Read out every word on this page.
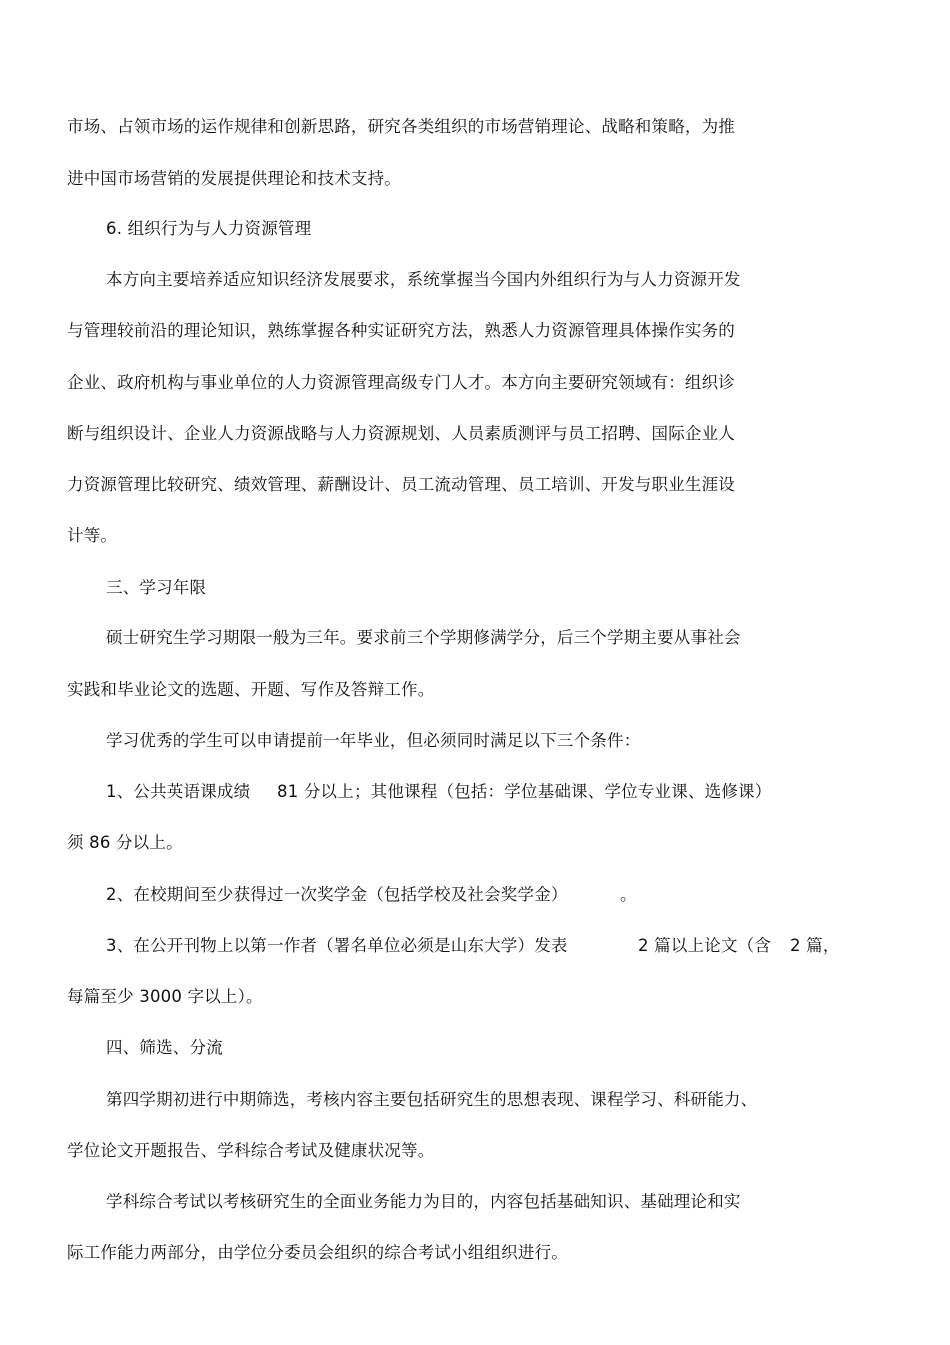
市场、占领市场的运作规律和创新思路，研究各类组织的市场营销理论、战略和策略，为推
进中国市场营销的发展提供理论和技术支持。
6. 组织行为与人力资源管理
本方向主要培养适应知识经济发展要求，系统掌握当今国内外组织行为与人力资源开发
与管理较前沿的理论知识，熟练掌握各种实证研究方法，熟悉人力资源管理具体操作实务的
企业、政府机构与事业单位的人力资源管理高级专门人才。本方向主要研究领域有：组织诊
断与组织设计、企业人力资源战略与人力资源规划、人员素质测评与员工招聘、国际企业人
力资源管理比较研究、绩效管理、薪酬设计、员工流动管理、员工培训、开发与职业生涯设
计等。
三、学习年限
硕士研究生学习期限一般为三年。要求前三个学期修满学分，后三个学期主要从事社会
实践和毕业论文的选题、开题、写作及答辩工作。
学习优秀的学生可以申请提前一年毕业，但必须同时满足以下三个条件：
1、公共英语课成绩 81 分以上；其他课程（包括：学位基础课、学位专业课、选修课）
须 86 分以上。
2、在校期间至少获得过一次奖学金（包括学校及社会奖学金）	。
3、在公开刊物上以第一作者（署名单位必须是山东大学）发表	2 篇以上论文（含 2 篇，
每篇至少 3000 字以上）。
四、筛选、分流
第四学期初进行中期筛选，考核内容主要包括研究生的思想表现、课程学习、科研能力、
学位论文开题报告、学科综合考试及健康状况等。
学科综合考试以考核研究生的全面业务能力为目的，内容包括基础知识、基础理论和实
际工作能力两部分，由学位分委员会组织的综合考试小组组织进行。
